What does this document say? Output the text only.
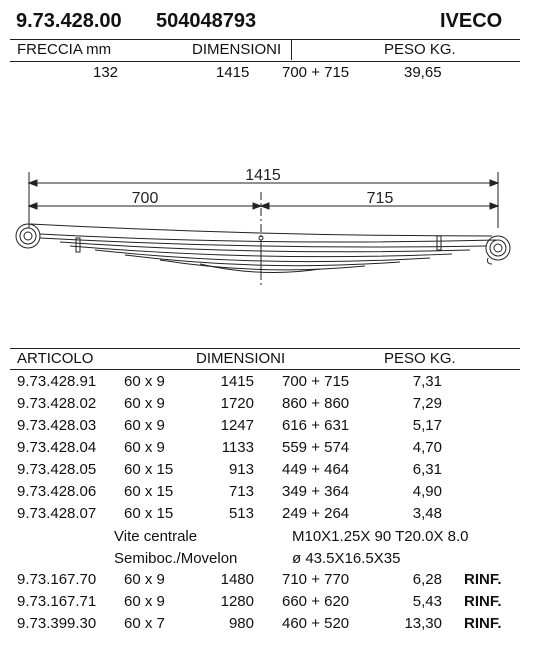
9.73.428.00 504048793	IVECO
FRECCIA mm	DIMENSIONI	PESO KG.
132	1415 700 + 715	39,65
1415
700	715
ARTICOLO	DIMENSIONI	PESO KG.
9.73.428.91 60 x 9	1415 700 + 715	7,31
9.73.428.02 60 x 9	1720 860 + 860	7,29
9.73.428.03 60 x 9	1247 616 + 631	5,17
9.73.428.04 60 x 9	1133 559 + 574	4,70
9.73.428.05 60 x 15	913 449 + 464	6,31
9.73.428.06 60 x 15	713 349 + 364	4,90
9.73.428.07 60 x 15	513 249 + 264	3,48
Vite centrale	M10X1.25X 90 T20.0X 8.0
Semiboc./Movelon	ø 43.5X16.5X35
9.73.167.70 60 x 9	1480 710 + 770	6,28 RINF.
9.73.167.71 60 x 9	1280 660 + 620	5,43 RINF.
9.73.399.30 60 x 7	980 460 + 520	13,30 RINF.
